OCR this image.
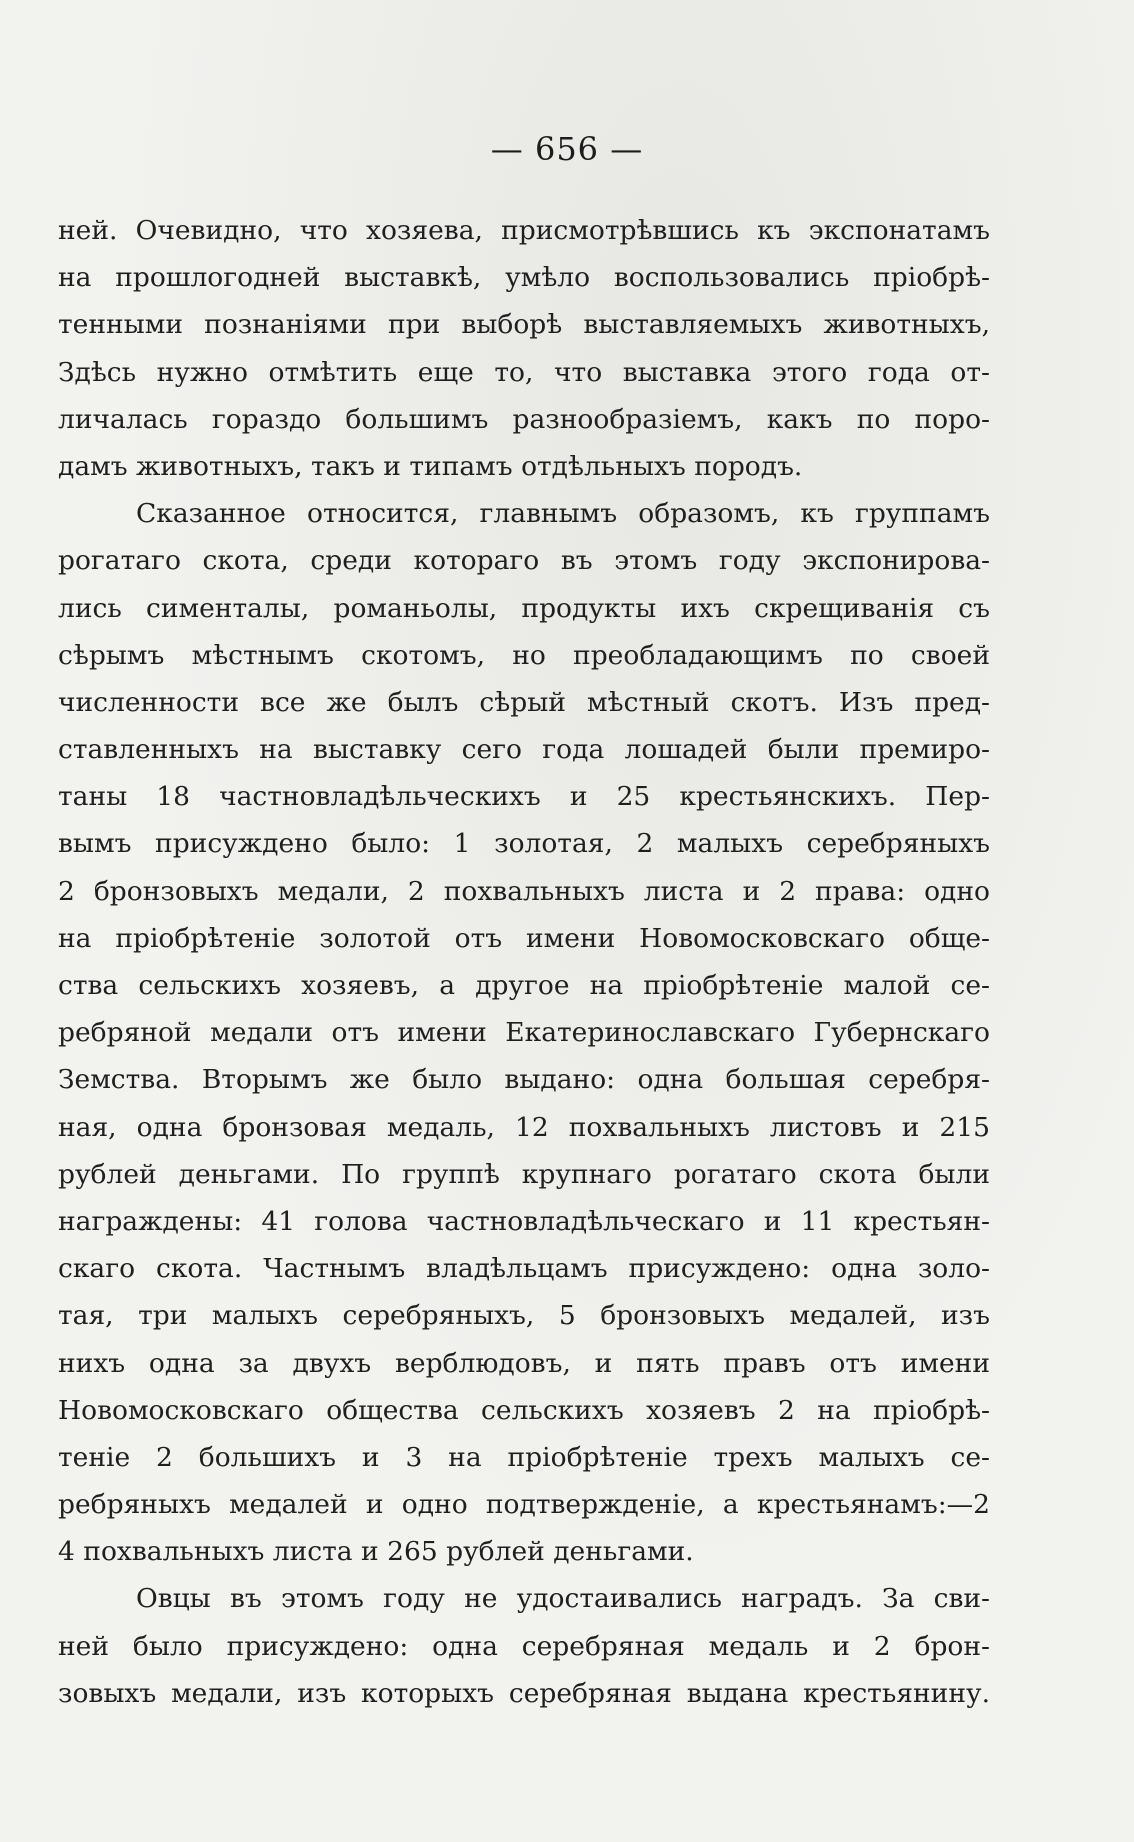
— 656 —
ней. Очевидно, что хозяева, присмотрѣвшись къ экспонатамъ
на прошлогодней выставкѣ, умѣло воспользовались пріобрѣ-
тенными познаніями при выборѣ выставляемыхъ животныхъ,
Здѣсь нужно отмѣтить еще то, что выставка этого года от-
личалась гораздо большимъ разнообразіемъ, какъ по поро-
дамъ животныхъ, такъ и типамъ отдѣльныхъ породъ.
Сказанное относится, главнымъ образомъ, къ группамъ
рогатаго скота, среди котораго въ этомъ году экспонирова-
лись сименталы, романьолы, продукты ихъ скрещиванія съ
сѣрымъ мѣстнымъ скотомъ, но преобладающимъ по своей
численности все же былъ сѣрый мѣстный скотъ. Изъ пред-
ставленныхъ на выставку сего года лошадей были премиро-
таны 18 частновладѣльческихъ и 25 крестьянскихъ. Пер-
вымъ присуждено было: 1 золотая, 2 малыхъ серебряныхъ
2 бронзовыхъ медали, 2 похвальныхъ листа и 2 права: одно
на пріобрѣтеніе золотой отъ имени Новомосковскаго обще-
ства сельскихъ хозяевъ, а другое на пріобрѣтеніе малой се-
ребряной медали отъ имени Екатеринославскаго Губернскаго
Земства. Вторымъ же было выдано: одна большая серебря-
ная, одна бронзовая медаль, 12 похвальныхъ листовъ и 215
рублей деньгами. По группѣ крупнаго рогатаго скота были
награждены: 41 голова частновладѣльческаго и 11 крестьян-
скаго скота. Частнымъ владѣльцамъ присуждено: одна золо-
тая, три малыхъ серебряныхъ, 5 бронзовыхъ медалей, изъ
нихъ одна за двухъ верблюдовъ, и пять правъ отъ имени
Новомосковскаго общества сельскихъ хозяевъ 2 на пріобрѣ-
теніе 2 большихъ и 3 на пріобрѣтеніе трехъ малыхъ се-
ребряныхъ медалей и одно подтвержденіе, а крестьянамъ:—2
4 похвальныхъ листа и 265 рублей деньгами.
Овцы въ этомъ году не удостаивались наградъ. За сви-
ней было присуждено: одна серебряная медаль и 2 брон-
зовыхъ медали, изъ которыхъ серебряная выдана крестьянину.
